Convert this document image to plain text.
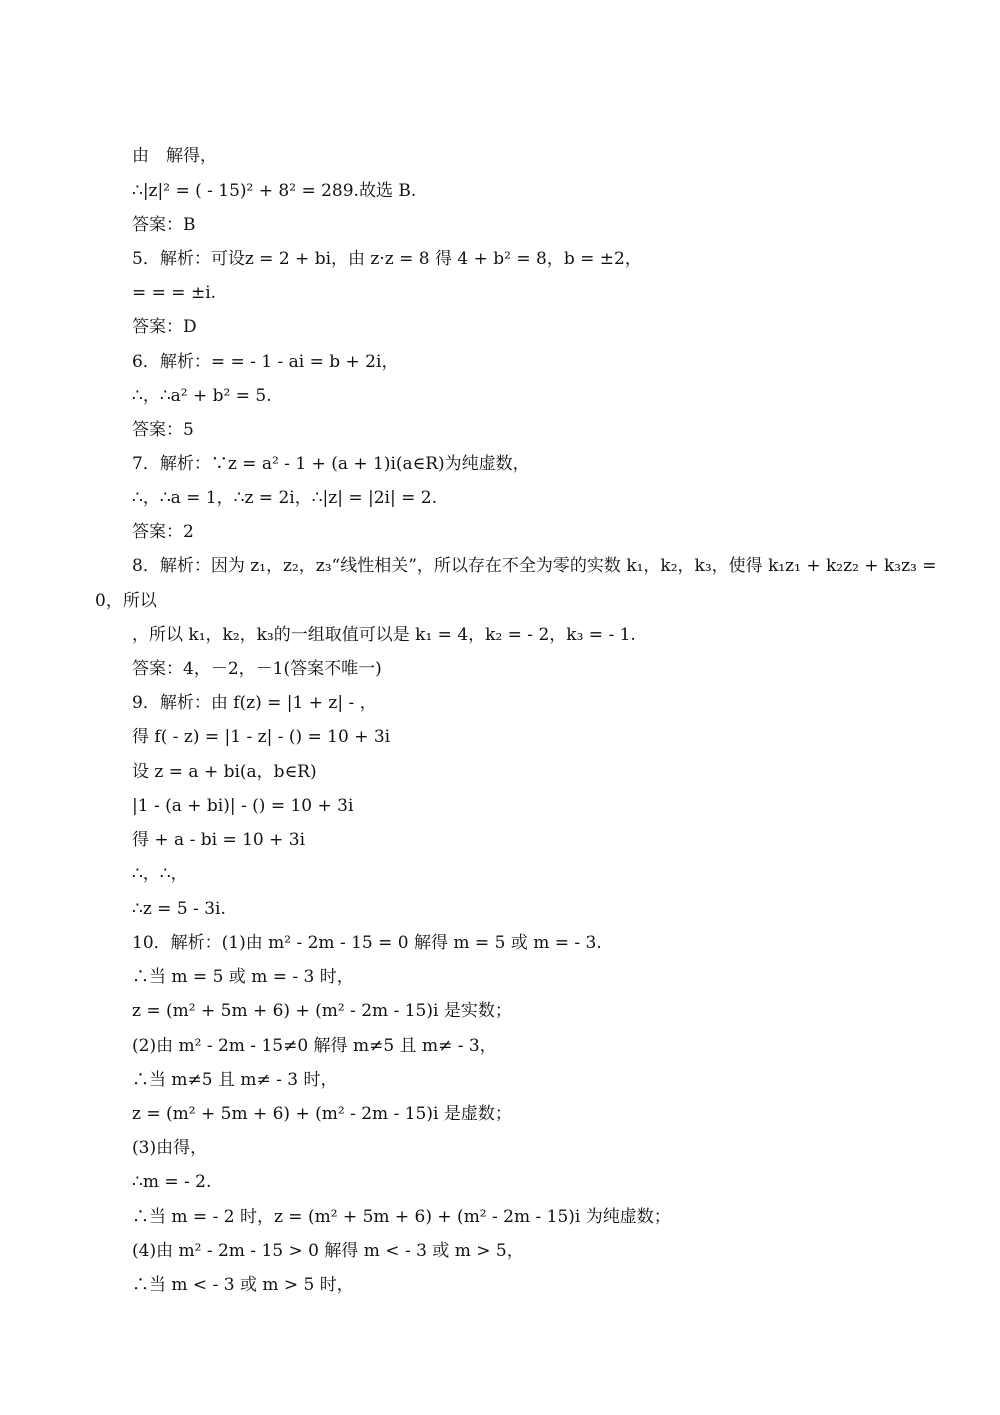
由　解得，
∴|z|² = ( - 15)² + 8² = 289.故选 B.
答案：B
5．解析：可设z = 2 + bi，由 z·z = 8 得 4 + b² = 8，b = ±2，
= = = ±i.
答案：D
6．解析：= = - 1 - ai = b + 2i，
∴，∴a² + b² = 5.
答案：5
7．解析：∵z = a² - 1 + (a + 1)i(a∈R)为纯虚数，
∴，∴a = 1，∴z = 2i，∴|z| = |2i| = 2.
答案：2
8．解析：因为 z₁，z₂，z₃“线性相关”，所以存在不全为零的实数 k₁，k₂，k₃，使得 k₁z₁ + k₂z₂ + k₃z₃ =
0，所以
，所以 k₁，k₂，k₃的一组取值可以是 k₁ = 4，k₂ = - 2，k₃ = - 1.
答案：4，－2，－1(答案不唯一)
9．解析：由 f(z) = |1 + z| - ，
得 f( - z) = |1 - z| - () = 10 + 3i
设 z = a + bi(a，b∈R)
|1 - (a + bi)| - () = 10 + 3i
得 + a - bi = 10 + 3i
∴，∴，
∴z = 5 - 3i.
10．解析：(1)由 m² - 2m - 15 = 0 解得 m = 5 或 m = - 3.
∴当 m = 5 或 m = - 3 时，
z = (m² + 5m + 6) + (m² - 2m - 15)i 是实数；
(2)由 m² - 2m - 15≠0 解得 m≠5 且 m≠ - 3，
∴当 m≠5 且 m≠ - 3 时，
z = (m² + 5m + 6) + (m² - 2m - 15)i 是虚数；
(3)由得，
∴m = - 2.
∴当 m = - 2 时，z = (m² + 5m + 6) + (m² - 2m - 15)i 为纯虚数；
(4)由 m² - 2m - 15 > 0 解得 m < - 3 或 m > 5，
∴当 m < - 3 或 m > 5 时，
